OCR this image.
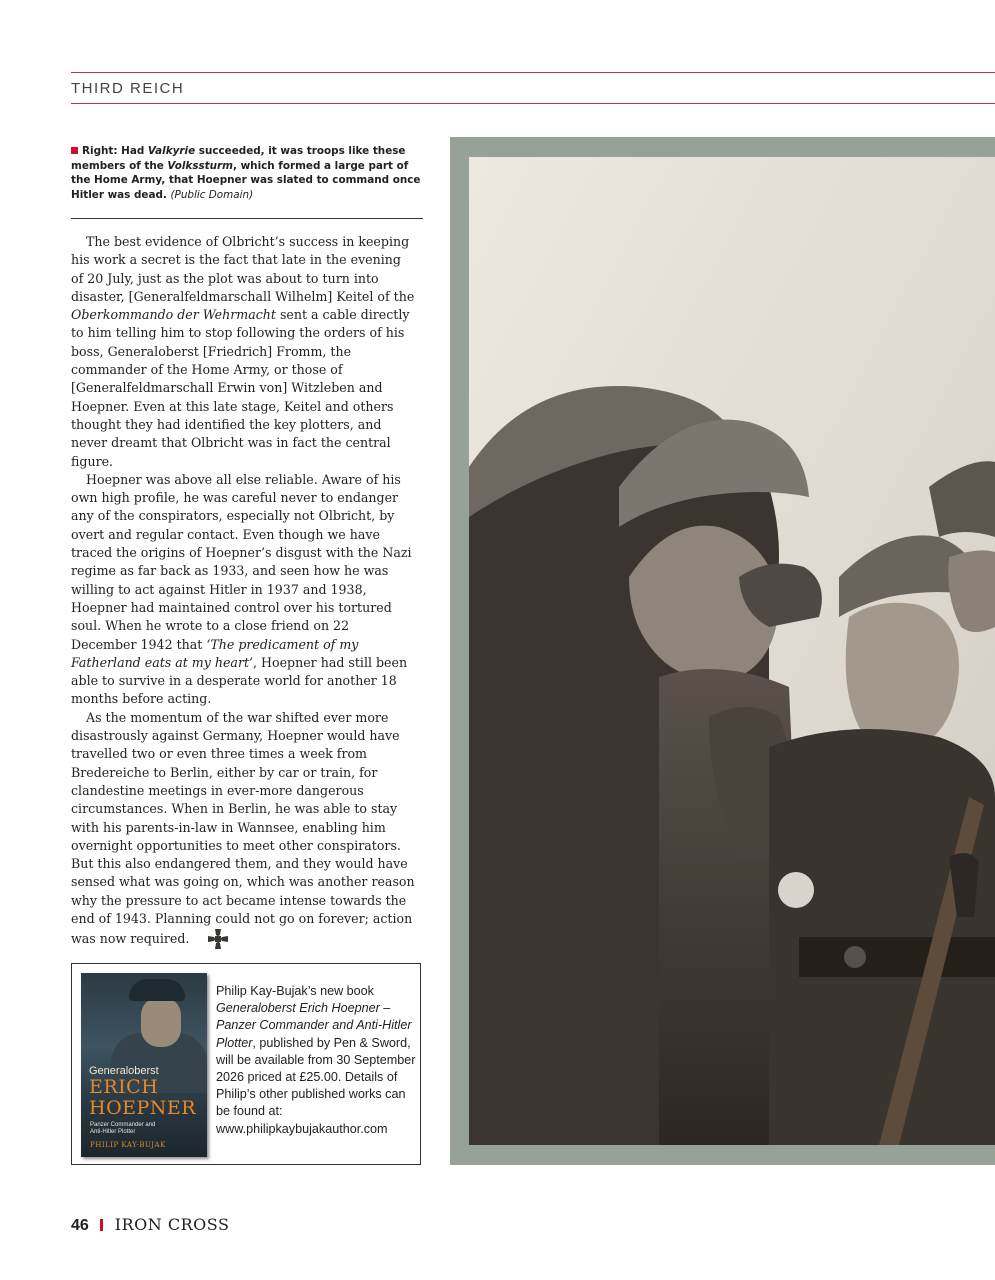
THIRD REICH
Right: Had Valkyrie succeeded, it was troops like these members of the Volkssturm, which formed a large part of the Home Army, that Hoepner was slated to command once Hitler was dead. (Public Domain)

The best evidence of Olbricht’s success in keeping his work a secret is the fact that late in the evening of 20 July, just as the plot was about to turn into disaster, [Generalfeldmarschall Wilhelm] Keitel of the Oberkommando der Wehrmacht sent a cable directly to him telling him to stop following the orders of his boss, Generaloberst [Friedrich] Fromm, the commander of the Home Army, or those of [Generalfeldmarschall Erwin von] Witzleben and Hoepner. Even at this late stage, Keitel and others thought they had identified the key plotters, and never dreamt that Olbricht was in fact the central figure.

Hoepner was above all else reliable. Aware of his own high profile, he was careful never to endanger any of the conspirators, especially not Olbricht, by overt and regular contact. Even though we have traced the origins of Hoepner’s disgust with the Nazi regime as far back as 1933, and seen how he was willing to act against Hitler in 1937 and 1938, Hoepner had maintained control over his tortured soul. When he wrote to a close friend on 22 December 1942 that ‘The predicament of my Fatherland eats at my heart’, Hoepner had still been able to survive in a desperate world for another 18 months before acting.

As the momentum of the war shifted ever more disastrously against Germany, Hoepner would have travelled two or even three times a week from Bredereiche to Berlin, either by car or train, for clandestine meetings in ever-more dangerous circumstances. When in Berlin, he was able to stay with his parents-in-law in Wannsee, enabling him overnight opportunities to meet other conspirators. But this also endangered them, and they would have sensed what was going on, which was another reason why the pressure to act became intense towards the end of 1943. Planning could not go on forever; action was now required.

Generaloberst
ERICH
HOEPNER
Panzer Commander and Anti-Hitler Plotter
PHILIP KAY-BUJAK
Philip Kay-Bujak’s new book Generaloberst Erich Hoepner – Panzer Commander and Anti-Hitler Plotter, published by Pen & Sword, will be available from 30 September 2026 priced at £25.00. Details of Philip’s other published works can be found at:
www.philipkaybujakauthor.com
46 IRON CROSS
